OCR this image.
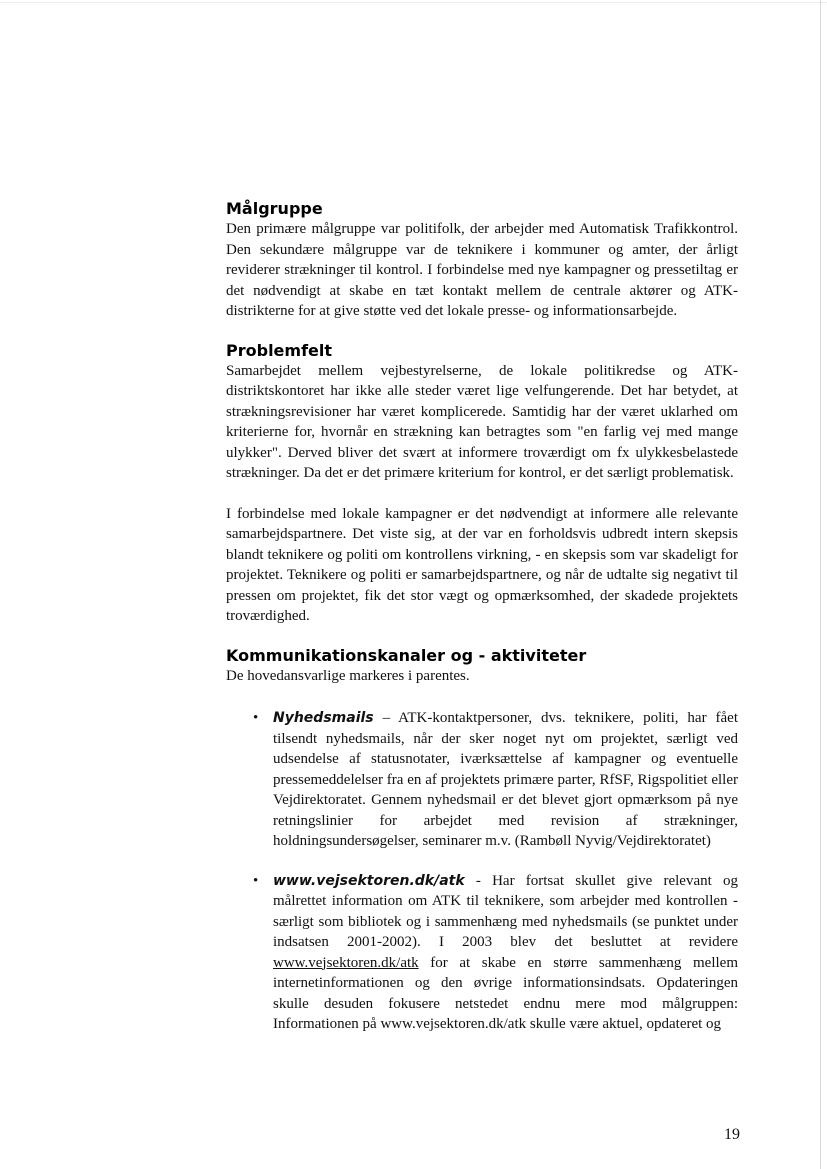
Målgruppe

Den primære målgruppe var politifolk, der arbejder med Automatisk Trafikkontrol. Den sekundære målgruppe var de teknikere i kommuner og amter, der årligt reviderer strækninger til kontrol. I forbindelse med nye kampagner og pressetiltag er det nødvendigt at skabe en tæt kontakt mellem de centrale aktører og ATK-distrikterne for at give støtte ved det lokale presse- og informationsarbejde.

Problemfelt

Samarbejdet mellem vejbestyrelserne, de lokale politikredse og ATK-distriktskontoret har ikke alle steder været lige velfungerende. Det har betydet, at strækningsrevisioner har været komplicerede. Samtidig har der været uklarhed om kriterierne for, hvornår en strækning kan betragtes som "en farlig vej med mange ulykker". Derved bliver det svært at informere troværdigt om fx ulykkesbelastede strækninger. Da det er det primære kriterium for kontrol, er det særligt problematisk.

I forbindelse med lokale kampagner er det nødvendigt at informere alle relevante samarbejdspartnere. Det viste sig, at der var en forholdsvis udbredt intern skepsis blandt teknikere og politi om kontrollens virkning, - en skepsis som var skadeligt for projektet. Teknikere og politi er samarbejdspartnere, og når de udtalte sig negativt til pressen om projektet, fik det stor vægt og opmærksomhed, der skadede projektets troværdighed.

Kommunikationskanaler og - aktiviteter

De hovedansvarlige markeres i parentes.

• Nyhedsmails – ATK-kontaktpersoner, dvs. teknikere, politi, har fået tilsendt nyhedsmails, når der sker noget nyt om projektet, særligt ved udsendelse af statusnotater, iværksættelse af kampagner og eventuelle pressemeddelelser fra en af projektets primære parter, RfSF, Rigspolitiet eller Vejdirektoratet. Gennem nyhedsmail er det blevet gjort opmærksom på nye retningslinier for arbejdet med revision af strækninger, holdningsundersøgelser, seminarer m.v. (Rambøll Nyvig/Vejdirektoratet)
• www.vejsektoren.dk/atk - Har fortsat skullet give relevant og målrettet information om ATK til teknikere, som arbejder med kontrollen - særligt som bibliotek og i sammenhæng med nyhedsmails (se punktet under indsatsen 2001-2002). I 2003 blev det besluttet at revidere www.vejsektoren.dk/atk for at skabe en større sammenhæng mellem internetinformationen og den øvrige informationsindsats. Opdateringen skulle desuden fokusere netstedet endnu mere mod målgruppen: Informationen på www.vejsektoren.dk/atk skulle være aktuel, opdateret og
19
